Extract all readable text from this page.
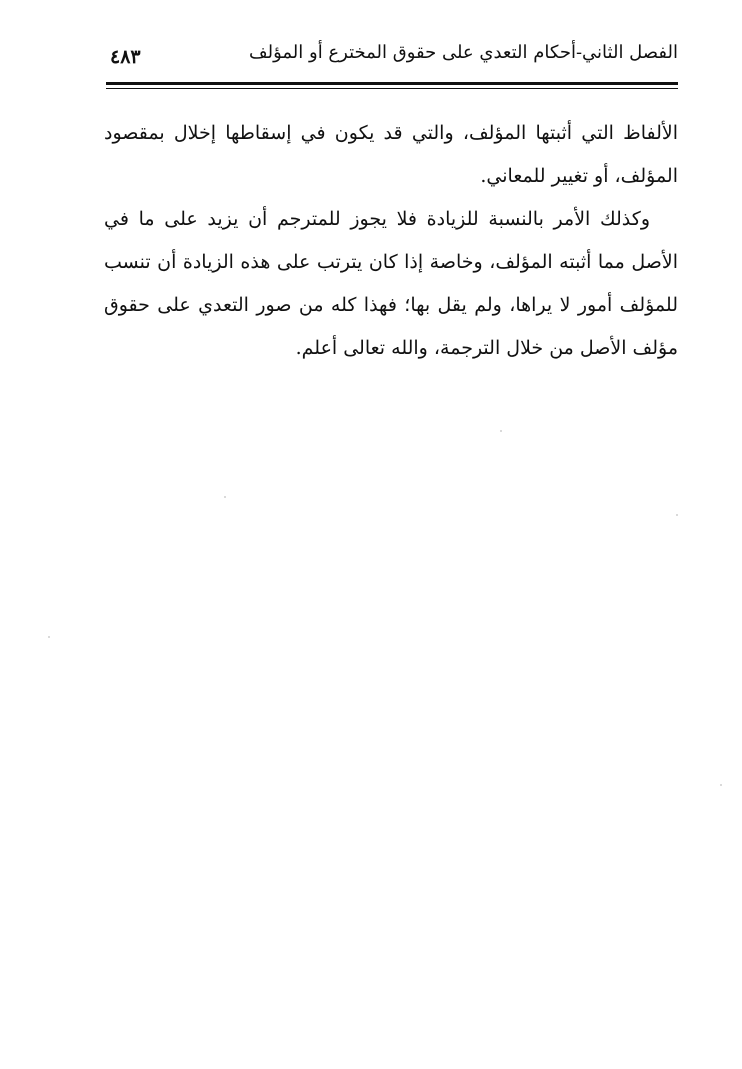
الفصل الثاني-أحكام التعدي على حقوق المخترع أو المؤلف
٤٨٣

الألفاظ التي أثبتها المؤلف، والتي قد يكون في إسقاطها إخلال بمقصود المؤلف، أو تغيير للمعاني.

وكذلك الأمر بالنسبة للزيادة فلا يجوز للمترجم أن يزيد على ما في الأصل مما أثبته المؤلف، وخاصة إذا كان يترتب على هذه الزيادة أن تنسب للمؤلف أمور لا يراها، ولم يقل بها؛ فهذا كله من صور التعدي على حقوق مؤلف الأصل من خلال الترجمة، والله تعالى أعلم.
